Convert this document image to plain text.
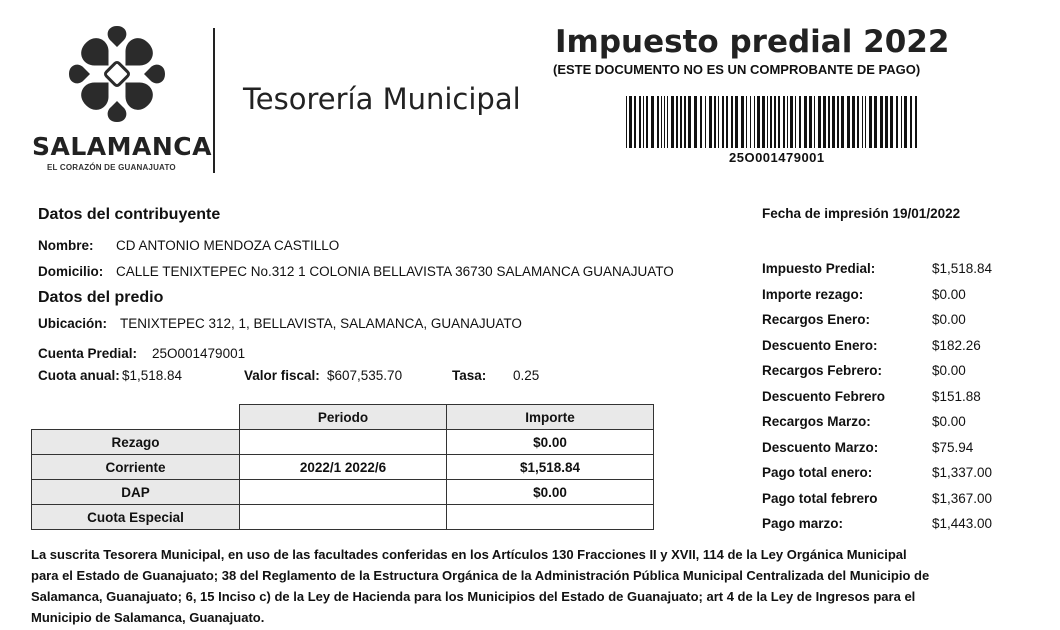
SALAMANCA
EL CORAZÓN DE GUANAJUATO
Tesorería Municipal
Impuesto predial 2022
(ESTE DOCUMENTO NO ES UN COMPROBANTE DE PAGO)
25O001479001
Datos del contribuyente
Nombre: CD ANTONIO MENDOZA CASTILLO
Domicilio: CALLE TENIXTEPEC No.312 1 COLONIA BELLAVISTA 36730 SALAMANCA GUANAJUATO
Datos del predio
Ubicación: TENIXTEPEC 312, 1, BELLAVISTA, SALAMANCA, GUANAJUATO
Cuenta Predial: 25O001479001
Cuota anual: $1,518.84	Valor fiscal: $607,535.70	Tasa: 0.25
	Periodo	Importe
Rezago		$0.00
Corriente	2022/1 2022/6	$1,518.84
DAP		$0.00
Cuota Especial		
Fecha de impresión 19/01/2022
Impuesto Predial:	$1,518.84
Importe rezago:	$0.00
Recargos Enero:	$0.00
Descuento Enero:	$182.26
Recargos Febrero:	$0.00
Descuento Febrero	$151.88
Recargos Marzo:	$0.00
Descuento Marzo:	$75.94
Pago total enero:	$1,337.00
Pago total febrero	$1,367.00
Pago marzo:	$1,443.00
La suscrita Tesorera Municipal, en uso de las facultades conferidas en los Artículos 130 Fracciones II y XVII, 114 de la Ley Orgánica Municipal
para el Estado de Guanajuato; 38 del Reglamento de la Estructura Orgánica de la Administración Pública Municipal Centralizada del Municipio de
Salamanca, Guanajuato; 6, 15 Inciso c) de la Ley de Hacienda para los Municipios del Estado de Guanajuato; art 4 de la Ley de Ingresos para el
Municipio de Salamanca, Guanajuato.
